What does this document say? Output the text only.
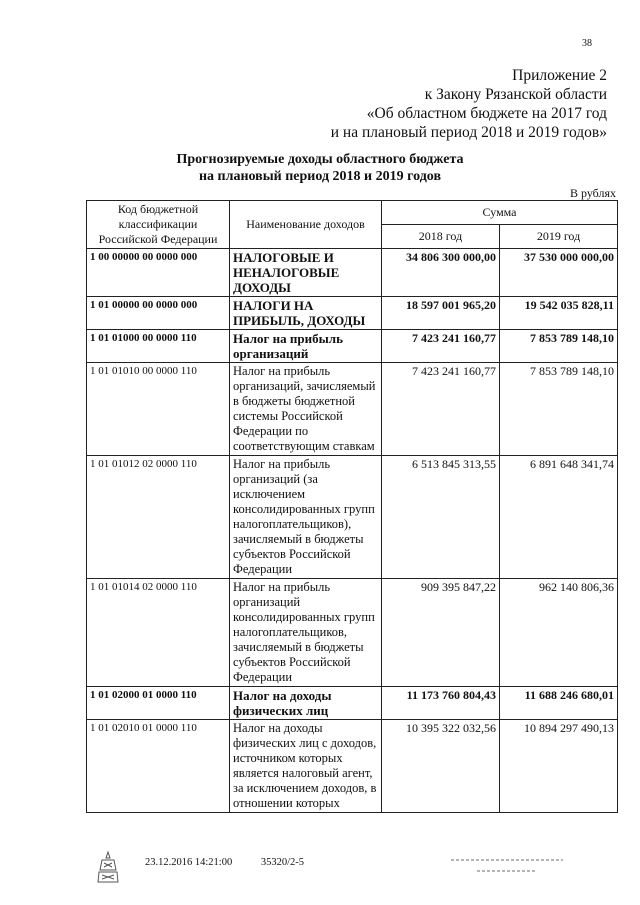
38
Приложение 2
к Закону Рязанской области
«Об областном бюджете на 2017 год
и на плановый период 2018 и 2019 годов»
Прогнозируемые доходы областного бюджета
на плановый период 2018 и 2019 годов
В рублях
Код бюджетной классификации Российской Федерации	Наименование доходов	Сумма	
		2018 год	2019 год
1 00 00000 00 0000 000	НАЛОГОВЫЕ И НЕНАЛОГОВЫЕ ДОХОДЫ	34 806 300 000,00	37 530 000 000,00
1 01 00000 00 0000 000	НАЛОГИ НА ПРИБЫЛЬ, ДОХОДЫ	18 597 001 965,20	19 542 035 828,11
1 01 01000 00 0000 110	Налог на прибыль организаций	7 423 241 160,77	7 853 789 148,10
1 01 01010 00 0000 110	Налог на прибыль организаций, зачисляемый в бюджеты бюджетной системы Российской Федерации по соответствующим ставкам	7 423 241 160,77	7 853 789 148,10
1 01 01012 02 0000 110	Налог на прибыль организаций (за исключением консолидированных групп налогоплательщиков), зачисляемый в бюджеты субъектов Российской Федерации	6 513 845 313,55	6 891 648 341,74
1 01 01014 02 0000 110	Налог на прибыль организаций консолидированных групп налогоплательщиков, зачисляемый в бюджеты субъектов Российской Федерации	909 395 847,22	962 140 806,36
1 01 02000 01 0000 110	Налог на доходы физических лиц	11 173 760 804,43	11 688 246 680,01
1 01 02010 01 0000 110	Налог на доходы физических лиц с доходов, источником которых является налоговый агент, за исключением доходов, в отношении которых	10 395 322 032,56	10 894 297 490,13
23.12.2016 14:21:00	35320/2-5
